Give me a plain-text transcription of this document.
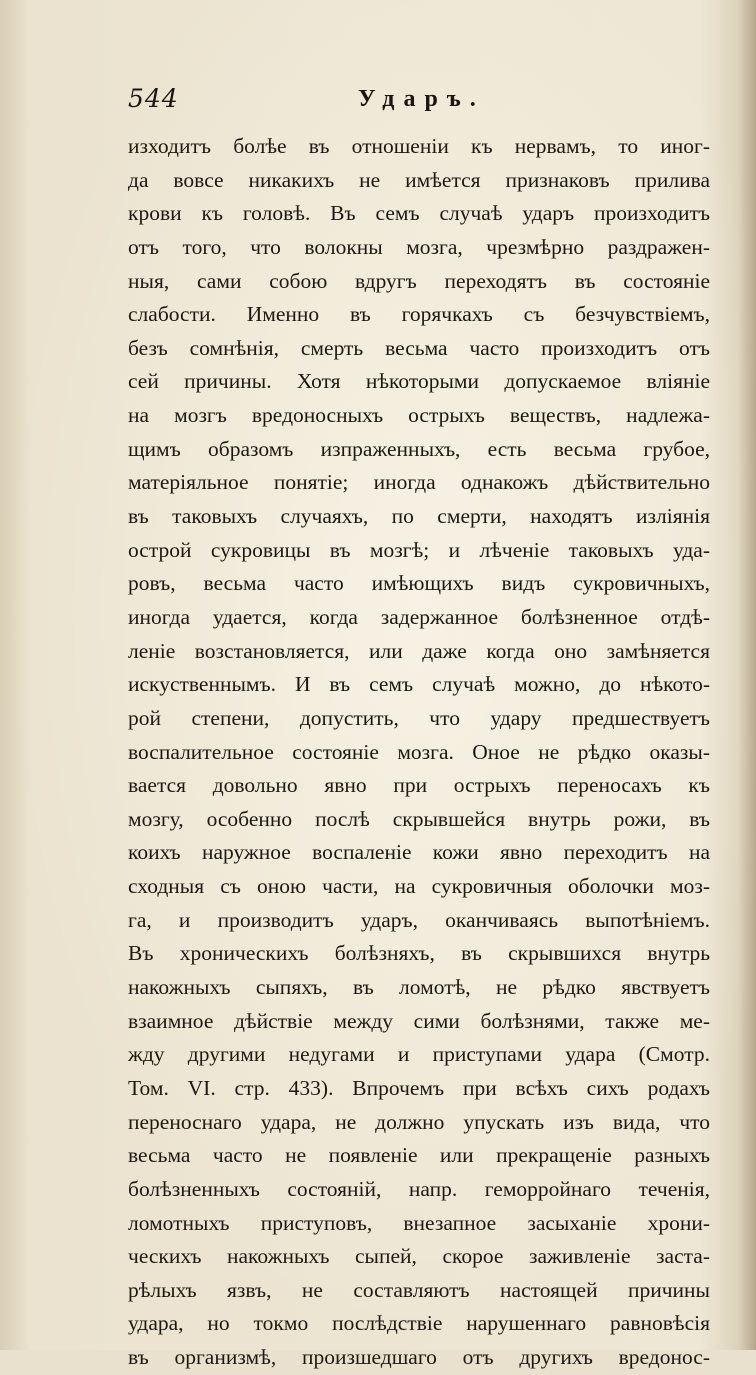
544	Ударъ.
изходитъ болѣе въ отношенiи къ нервамъ, то иног-
да вовсе никакихъ не имѣется признаковъ прилива
крови къ головѣ. Въ семъ случаѣ ударъ произходитъ
отъ того, что волокны мозга, чрезмѣрно раздражен-
ныя, сами собою вдругъ переходятъ въ состоянiе
слабости. Именно въ горячкахъ съ безчувствiемъ,
безъ сомнѣнiя, смерть весьма часто произходитъ отъ
сей причины. Хотя нѣкоторыми допускаемое влiянiе
на мозгъ вредоносныхъ острыхъ веществъ, надлежа-
щимъ образомъ изпраженныхъ, есть весьма грубое,
матерiяльное понятiе; иногда однакожъ дѣйствительно
въ таковыхъ случаяхъ, по смерти, находятъ излiянiя
острой сукровицы въ мозгѣ; и лѣченiе таковыхъ уда-
ровъ, весьма часто имѣющихъ видъ сукровичныхъ,
иногда удается, когда задержанное болѣзненное отдѣ-
ленiе возстановляется, или даже когда оно замѣняется
искуственнымъ. И въ семъ случаѣ можно, до нѣкото-
рой степени, допустить, что удару предшествуетъ
воспалительное состоянiе мозга. Оное не рѣдко оказы-
вается довольно явно при острыхъ переносахъ къ
мозгу, особенно послѣ скрывшейся внутрь рожи, въ
коихъ наружное воспаленiе кожи явно переходитъ на
сходныя съ оною части, на сукровичныя оболочки моз-
га, и производитъ ударъ, оканчиваясь выпотѣнiемъ.
Въ хроническихъ болѣзняхъ, въ скрывшихся внутрь
накожныхъ сыпяхъ, въ ломотѣ, не рѣдко явствуетъ
взаимное дѣйствiе между сими болѣзнями, также ме-
жду другими недугами и приступами удара (Смотр.
Том. VI. стр. 433). Впрочемъ при всѣхъ сихъ родахъ
переноснаго удара, не должно упускать изъ вида, что
весьма часто не появленiе или прекращенiе разныхъ
болѣзненныхъ состоянiй, напр. геморройнаго теченiя,
ломотныхъ приступовъ, внезапное засыханiе хрони-
ческихъ накожныхъ сыпей, скорое заживленiе заста-
рѣлыхъ язвъ, не составляютъ настоящей причины
удара, но токмо послѣдствiе нарушеннаго равновѣсiя
въ организмѣ, произшедшаго отъ другихъ вредонос-
